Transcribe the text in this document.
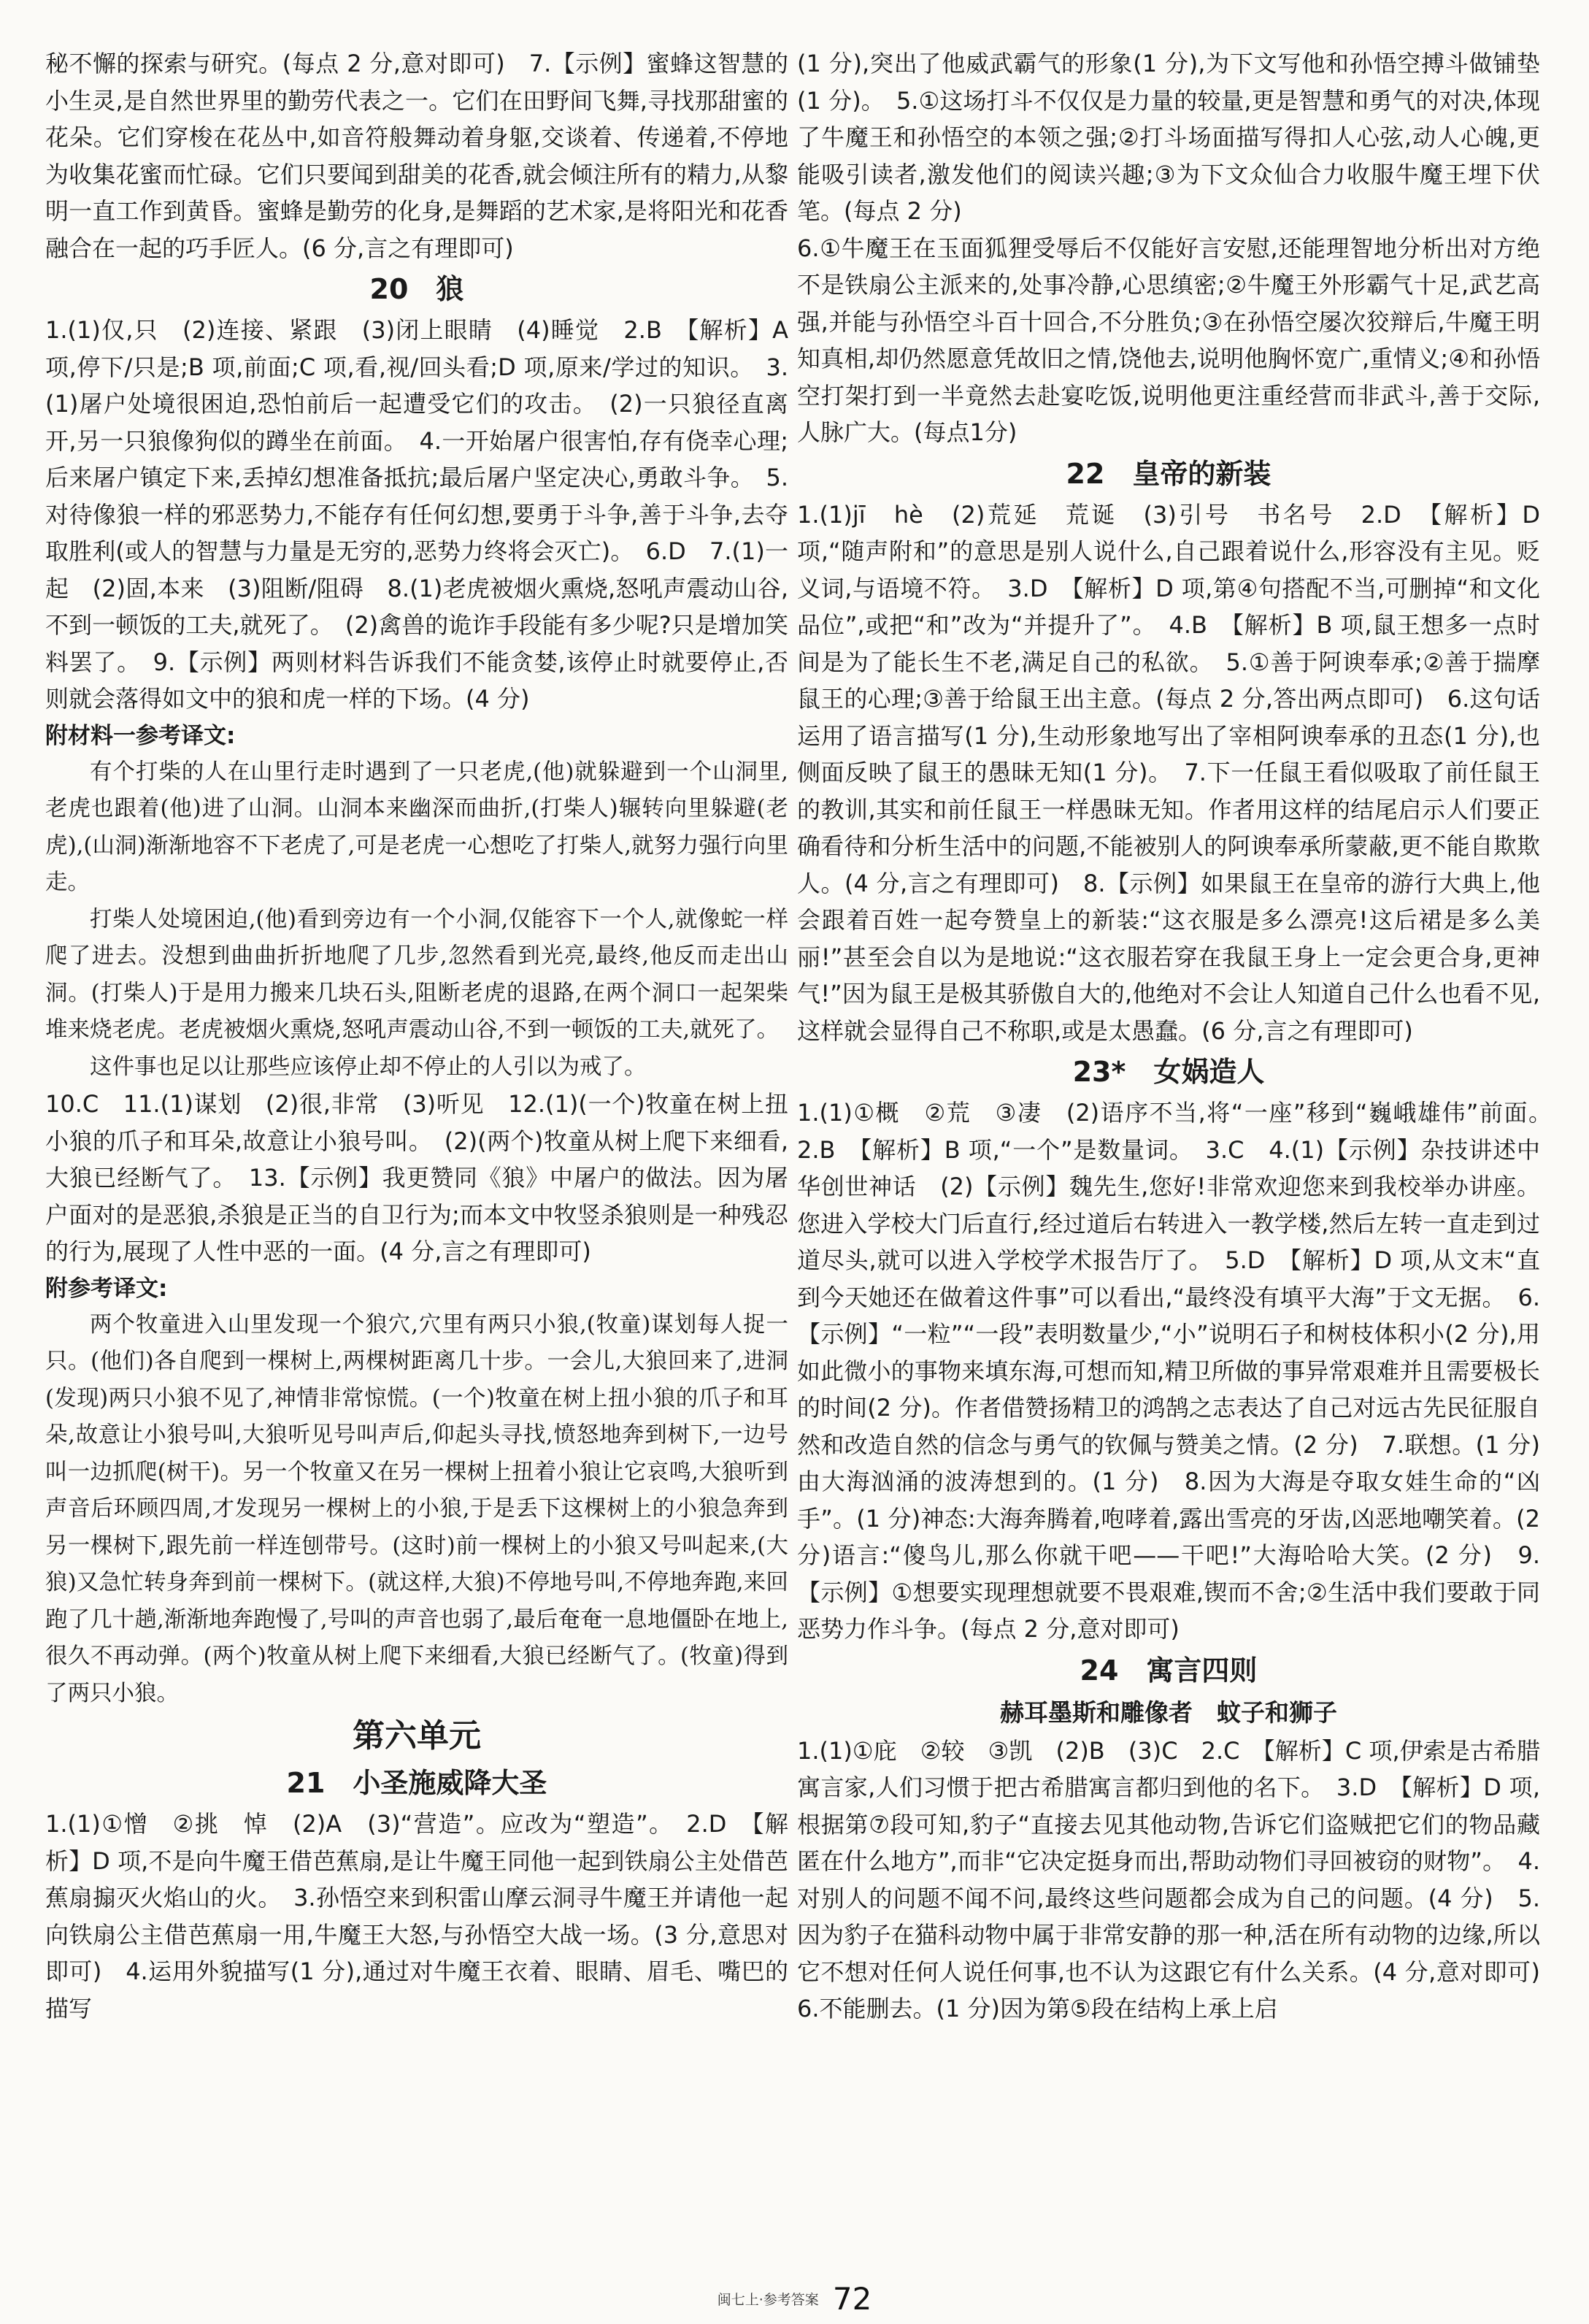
秘不懈的探索与研究。(每点 2 分,意对即可)　7.【示例】蜜蜂这智慧的小生灵,是自然世界里的勤劳代表之一。它们在田野间飞舞,寻找那甜蜜的花朵。它们穿梭在花丛中,如音符般舞动着身躯,交谈着、传递着,不停地为收集花蜜而忙碌。它们只要闻到甜美的花香,就会倾注所有的精力,从黎明一直工作到黄昏。蜜蜂是勤劳的化身,是舞蹈的艺术家,是将阳光和花香融合在一起的巧手匠人。(6 分,言之有理即可)
20　狼
1.(1)仅,只　(2)连接、紧跟　(3)闭上眼睛　(4)睡觉　2.B　【解析】A 项,停下/只是;B 项,前面;C 项,看,视/回头看;D 项,原来/学过的知识。　3.(1)屠户处境很困迫,恐怕前后一起遭受它们的攻击。　(2)一只狼径直离开,另一只狼像狗似的蹲坐在前面。　4.一开始屠户很害怕,存有侥幸心理;后来屠户镇定下来,丢掉幻想准备抵抗;最后屠户坚定决心,勇敢斗争。　5.对待像狼一样的邪恶势力,不能存有任何幻想,要勇于斗争,善于斗争,去夺取胜利(或人的智慧与力量是无穷的,恶势力终将会灭亡)。　6.D　7.(1)一起　(2)固,本来　(3)阻断/阻碍　8.(1)老虎被烟火熏烧,怒吼声震动山谷,不到一顿饭的工夫,就死了。　(2)禽兽的诡诈手段能有多少呢?只是增加笑料罢了。　9.【示例】两则材料告诉我们不能贪婪,该停止时就要停止,否则就会落得如文中的狼和虎一样的下场。(4 分)
附材料一参考译文:
有个打柴的人在山里行走时遇到了一只老虎,(他)就躲避到一个山洞里,老虎也跟着(他)进了山洞。山洞本来幽深而曲折,(打柴人)辗转向里躲避(老虎),(山洞)渐渐地容不下老虎了,可是老虎一心想吃了打柴人,就努力强行向里走。
打柴人处境困迫,(他)看到旁边有一个小洞,仅能容下一个人,就像蛇一样爬了进去。没想到曲曲折折地爬了几步,忽然看到光亮,最终,他反而走出山洞。(打柴人)于是用力搬来几块石头,阻断老虎的退路,在两个洞口一起架柴堆来烧老虎。老虎被烟火熏烧,怒吼声震动山谷,不到一顿饭的工夫,就死了。
这件事也足以让那些应该停止却不停止的人引以为戒了。
10.C　11.(1)谋划　(2)很,非常　(3)听见　12.(1)(一个)牧童在树上扭小狼的爪子和耳朵,故意让小狼号叫。　(2)(两个)牧童从树上爬下来细看,大狼已经断气了。　13.【示例】我更赞同《狼》中屠户的做法。因为屠户面对的是恶狼,杀狼是正当的自卫行为;而本文中牧竖杀狼则是一种残忍的行为,展现了人性中恶的一面。(4 分,言之有理即可)
附参考译文:
两个牧童进入山里发现一个狼穴,穴里有两只小狼,(牧童)谋划每人捉一只。(他们)各自爬到一棵树上,两棵树距离几十步。一会儿,大狼回来了,进洞(发现)两只小狼不见了,神情非常惊慌。(一个)牧童在树上扭小狼的爪子和耳朵,故意让小狼号叫,大狼听见号叫声后,仰起头寻找,愤怒地奔到树下,一边号叫一边抓爬(树干)。另一个牧童又在另一棵树上扭着小狼让它哀鸣,大狼听到声音后环顾四周,才发现另一棵树上的小狼,于是丢下这棵树上的小狼急奔到另一棵树下,跟先前一样连刨带号。(这时)前一棵树上的小狼又号叫起来,(大狼)又急忙转身奔到前一棵树下。(就这样,大狼)不停地号叫,不停地奔跑,来回跑了几十趟,渐渐地奔跑慢了,号叫的声音也弱了,最后奄奄一息地僵卧在地上,很久不再动弹。(两个)牧童从树上爬下来细看,大狼已经断气了。(牧童)得到了两只小狼。
第六单元
21　小圣施威降大圣
1.(1)①憎　②挑　悼　(2)A　(3)“营造”。应改为“塑造”。　2.D　【解析】D 项,不是向牛魔王借芭蕉扇,是让牛魔王同他一起到铁扇公主处借芭蕉扇搧灭火焰山的火。　3.孙悟空来到积雷山摩云洞寻牛魔王并请他一起向铁扇公主借芭蕉扇一用,牛魔王大怒,与孙悟空大战一场。(3 分,意思对即可)　4.运用外貌描写(1 分),通过对牛魔王衣着、眼睛、眉毛、嘴巴的描写
(1 分),突出了他威武霸气的形象(1 分),为下文写他和孙悟空搏斗做铺垫(1 分)。　5.①这场打斗不仅仅是力量的较量,更是智慧和勇气的对决,体现了牛魔王和孙悟空的本领之强;②打斗场面描写得扣人心弦,动人心魄,更能吸引读者,激发他们的阅读兴趣;③为下文众仙合力收服牛魔王埋下伏笔。(每点 2 分)
6.①牛魔王在玉面狐狸受辱后不仅能好言安慰,还能理智地分析出对方绝不是铁扇公主派来的,处事冷静,心思缜密;②牛魔王外形霸气十足,武艺高强,并能与孙悟空斗百十回合,不分胜负;③在孙悟空屡次狡辩后,牛魔王明知真相,却仍然愿意凭故旧之情,饶他去,说明他胸怀宽广,重情义;④和孙悟空打架打到一半竟然去赴宴吃饭,说明他更注重经营而非武斗,善于交际,人脉广大。(每点1分)
22　皇帝的新装
1.(1)jī　hè　(2)荒延　荒诞　(3)引号　书名号　2.D　【解析】D 项,“随声附和”的意思是别人说什么,自己跟着说什么,形容没有主见。贬义词,与语境不符。　3.D　【解析】D 项,第④句搭配不当,可删掉“和文化品位”,或把“和”改为“并提升了”。　4.B　【解析】B 项,鼠王想多一点时间是为了能长生不老,满足自己的私欲。　5.①善于阿谀奉承;②善于揣摩鼠王的心理;③善于给鼠王出主意。(每点 2 分,答出两点即可)　6.这句话运用了语言描写(1 分),生动形象地写出了宰相阿谀奉承的丑态(1 分),也侧面反映了鼠王的愚昧无知(1 分)。　7.下一任鼠王看似吸取了前任鼠王的教训,其实和前任鼠王一样愚昧无知。作者用这样的结尾启示人们要正确看待和分析生活中的问题,不能被别人的阿谀奉承所蒙蔽,更不能自欺欺人。(4 分,言之有理即可)　8.【示例】如果鼠王在皇帝的游行大典上,他会跟着百姓一起夸赞皇上的新装:“这衣服是多么漂亮!这后裙是多么美丽!”甚至会自以为是地说:“这衣服若穿在我鼠王身上一定会更合身,更神气!”因为鼠王是极其骄傲自大的,他绝对不会让人知道自己什么也看不见,这样就会显得自己不称职,或是太愚蠢。(6 分,言之有理即可)
23*　女娲造人
1.(1)①概　②荒　③凄　(2)语序不当,将“一座”移到“巍峨雄伟”前面。　2.B　【解析】B 项,“一个”是数量词。　3.C　4.(1)【示例】杂技讲述中华创世神话　(2)【示例】魏先生,您好!非常欢迎您来到我校举办讲座。您进入学校大门后直行,经过道后右转进入一教学楼,然后左转一直走到过道尽头,就可以进入学校学术报告厅了。　5.D　【解析】D 项,从文末“直到今天她还在做着这件事”可以看出,“最终没有填平大海”于文无据。　6.【示例】“一粒”“一段”表明数量少,“小”说明石子和树枝体积小(2 分),用如此微小的事物来填东海,可想而知,精卫所做的事异常艰难并且需要极长的时间(2 分)。作者借赞扬精卫的鸿鹄之志表达了自己对远古先民征服自然和改造自然的信念与勇气的钦佩与赞美之情。(2 分)　7.联想。(1 分)由大海汹涌的波涛想到的。(1 分)　8.因为大海是夺取女娃生命的“凶手”。(1 分)神态:大海奔腾着,咆哮着,露出雪亮的牙齿,凶恶地嘲笑着。(2 分)语言:“傻鸟儿,那么你就干吧——干吧!”大海哈哈大笑。(2 分)　9.【示例】①想要实现理想就要不畏艰难,锲而不舍;②生活中我们要敢于同恶势力作斗争。(每点 2 分,意对即可)
24　寓言四则
赫耳墨斯和雕像者　蚊子和狮子
1.(1)①庇　②较　③凯　(2)B　(3)C　2.C　【解析】C 项,伊索是古希腊寓言家,人们习惯于把古希腊寓言都归到他的名下。　3.D　【解析】D 项,根据第⑦段可知,豹子“直接去见其他动物,告诉它们盗贼把它们的物品藏匿在什么地方”,而非“它决定挺身而出,帮助动物们寻回被窃的财物”。　4.对别人的问题不闻不问,最终这些问题都会成为自己的问题。(4 分)　5.因为豹子在猫科动物中属于非常安静的那一种,活在所有动物的边缘,所以它不想对任何人说任何事,也不认为这跟它有什么关系。(4 分,意对即可)　6.不能删去。(1 分)因为第⑤段在结构上承上启
闽七上·参考答案 72
